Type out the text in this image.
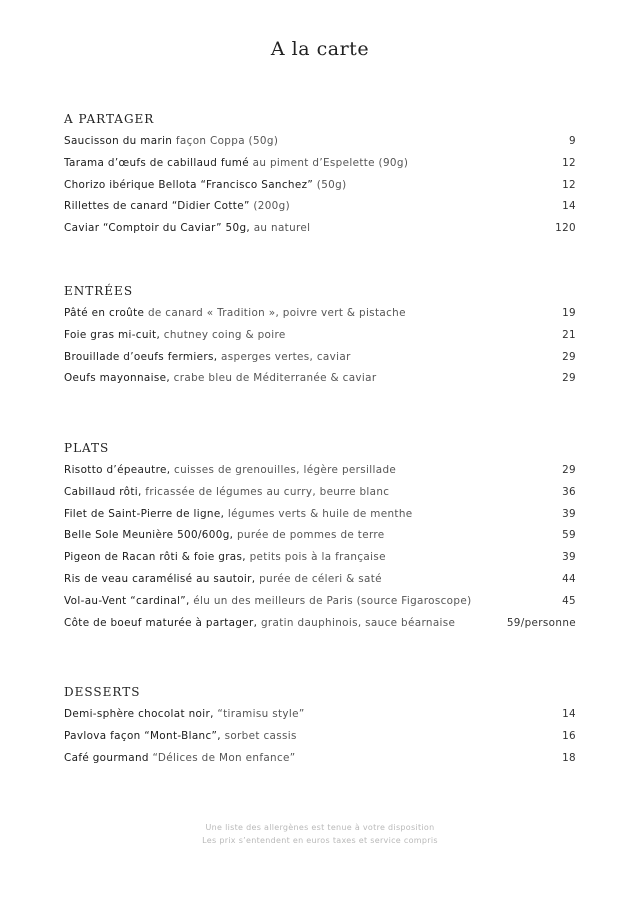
A la carte
A PARTAGER
Saucisson du marin façon Coppa (50g)	9
Tarama d’œufs de cabillaud fumé au piment d’Espelette (90g)	12
Chorizo ibérique Bellota “Francisco Sanchez” (50g)	12
Rillettes de canard “Didier Cotte” (200g)	14
Caviar “Comptoir du Caviar” 50g, au naturel	120
ENTRÉES
Pâté en croûte de canard « Tradition », poivre vert & pistache	19
Foie gras mi-cuit, chutney coing & poire	21
Brouillade d’oeufs fermiers, asperges vertes, caviar	29
Oeufs mayonnaise, crabe bleu de Méditerranée & caviar	29
PLATS
Risotto d’épeautre, cuisses de grenouilles, légère persillade	29
Cabillaud rôti, fricassée de légumes au curry, beurre blanc	36
Filet de Saint-Pierre de ligne, légumes verts & huile de menthe	39
Belle Sole Meunière 500/600g, purée de pommes de terre	59
Pigeon de Racan rôti & foie gras, petits pois à la française	39
Ris de veau caramélisé au sautoir, purée de céleri & saté	44
Vol-au-Vent “cardinal”, élu un des meilleurs de Paris (source Figaroscope)	45
Côte de boeuf maturée à partager, gratin dauphinois, sauce béarnaise	59/personne
DESSERTS
Demi-sphère chocolat noir, “tiramisu style”	14
Pavlova façon “Mont-Blanc”, sorbet cassis	16
Café gourmand “Délices de Mon enfance”	18
Une liste des allergènes est tenue à votre disposition
Les prix s’entendent en euros taxes et service compris
